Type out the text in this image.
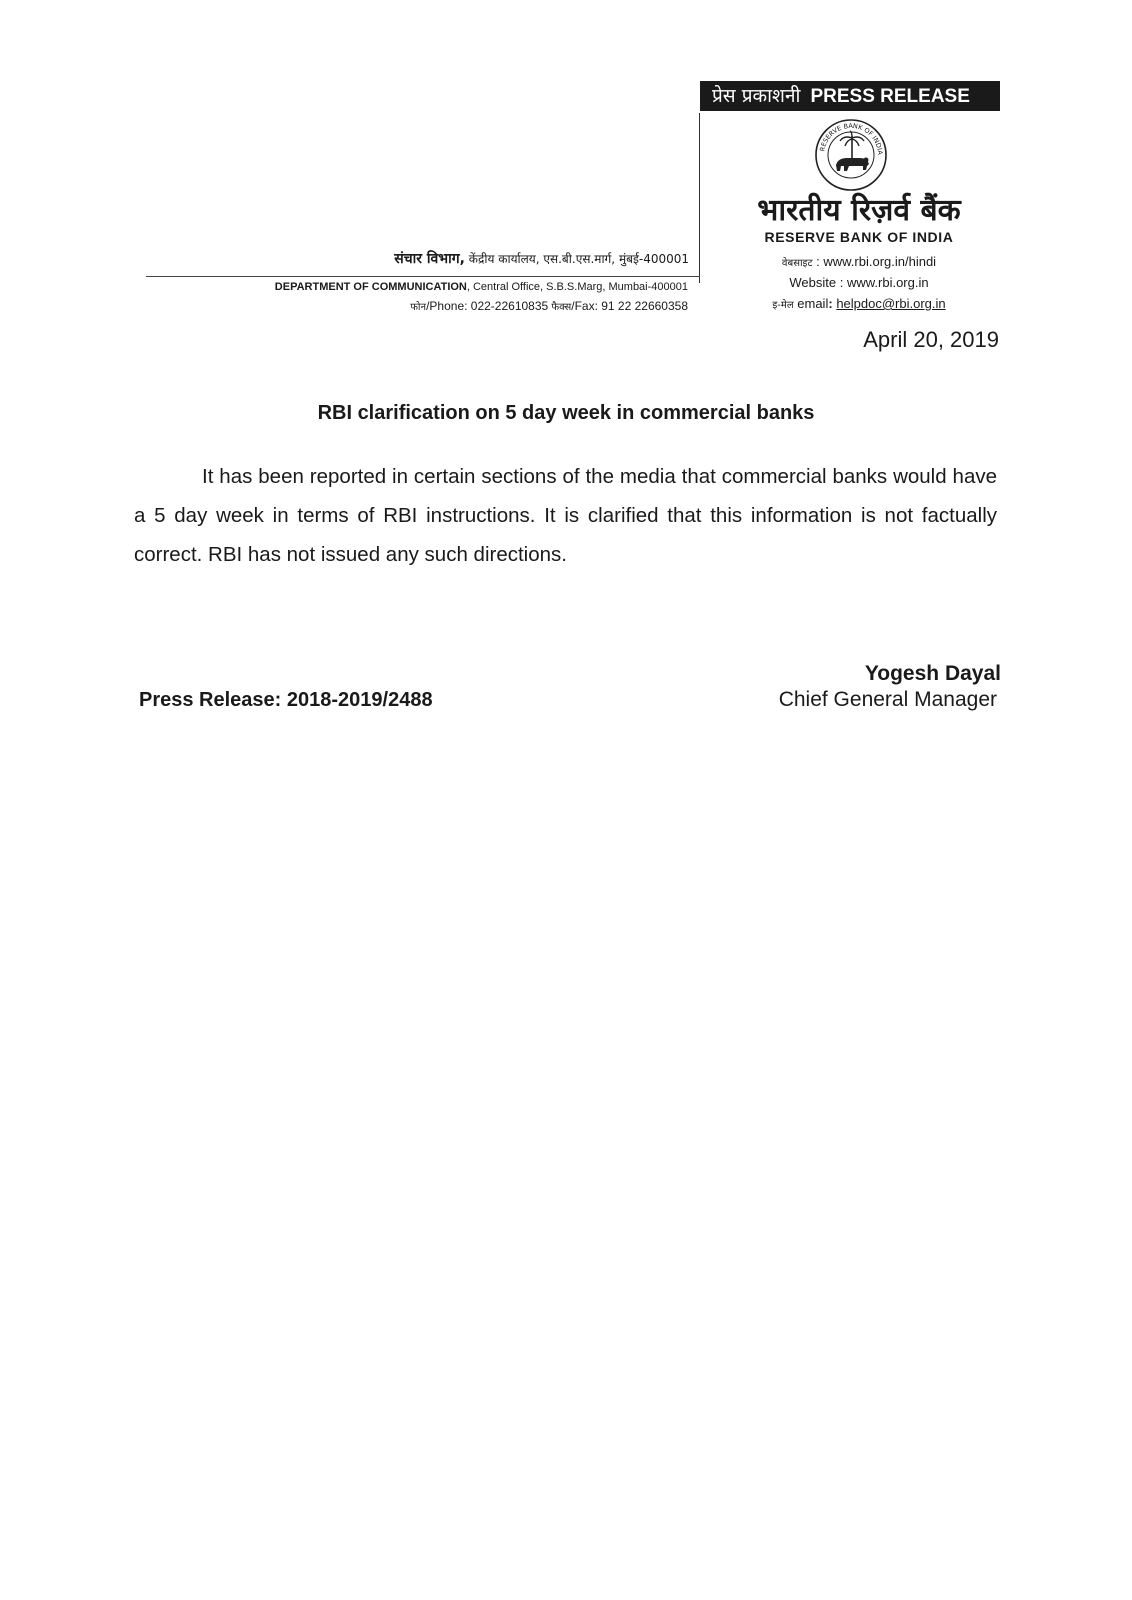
प्रेस प्रकाशनी PRESS RELEASE
RESERVE BANK OF INDIA
भारतीय रिज़र्व बैंक
RESERVE BANK OF INDIA
वेबसाइट : www.rbi.org.in/hindi
Website : www.rbi.org.in
इ-मेल email: helpdoc@rbi.org.in
संचार विभाग, केंद्रीय कार्यालय, एस.बी.एस.मार्ग, मुंबई-400001
DEPARTMENT OF COMMUNICATION, Central Office, S.B.S.Marg, Mumbai-400001
फोन/Phone: 022-22610835 फैक्स/Fax: 91 22 22660358
April 20, 2019
RBI clarification on 5 day week in commercial banks
It has been reported in certain sections of the media that commercial banks would have a 5 day week in terms of RBI instructions. It is clarified that this information is not factually correct. RBI has not issued any such directions.
Yogesh Dayal
Chief General Manager
Press Release: 2018-2019/2488
